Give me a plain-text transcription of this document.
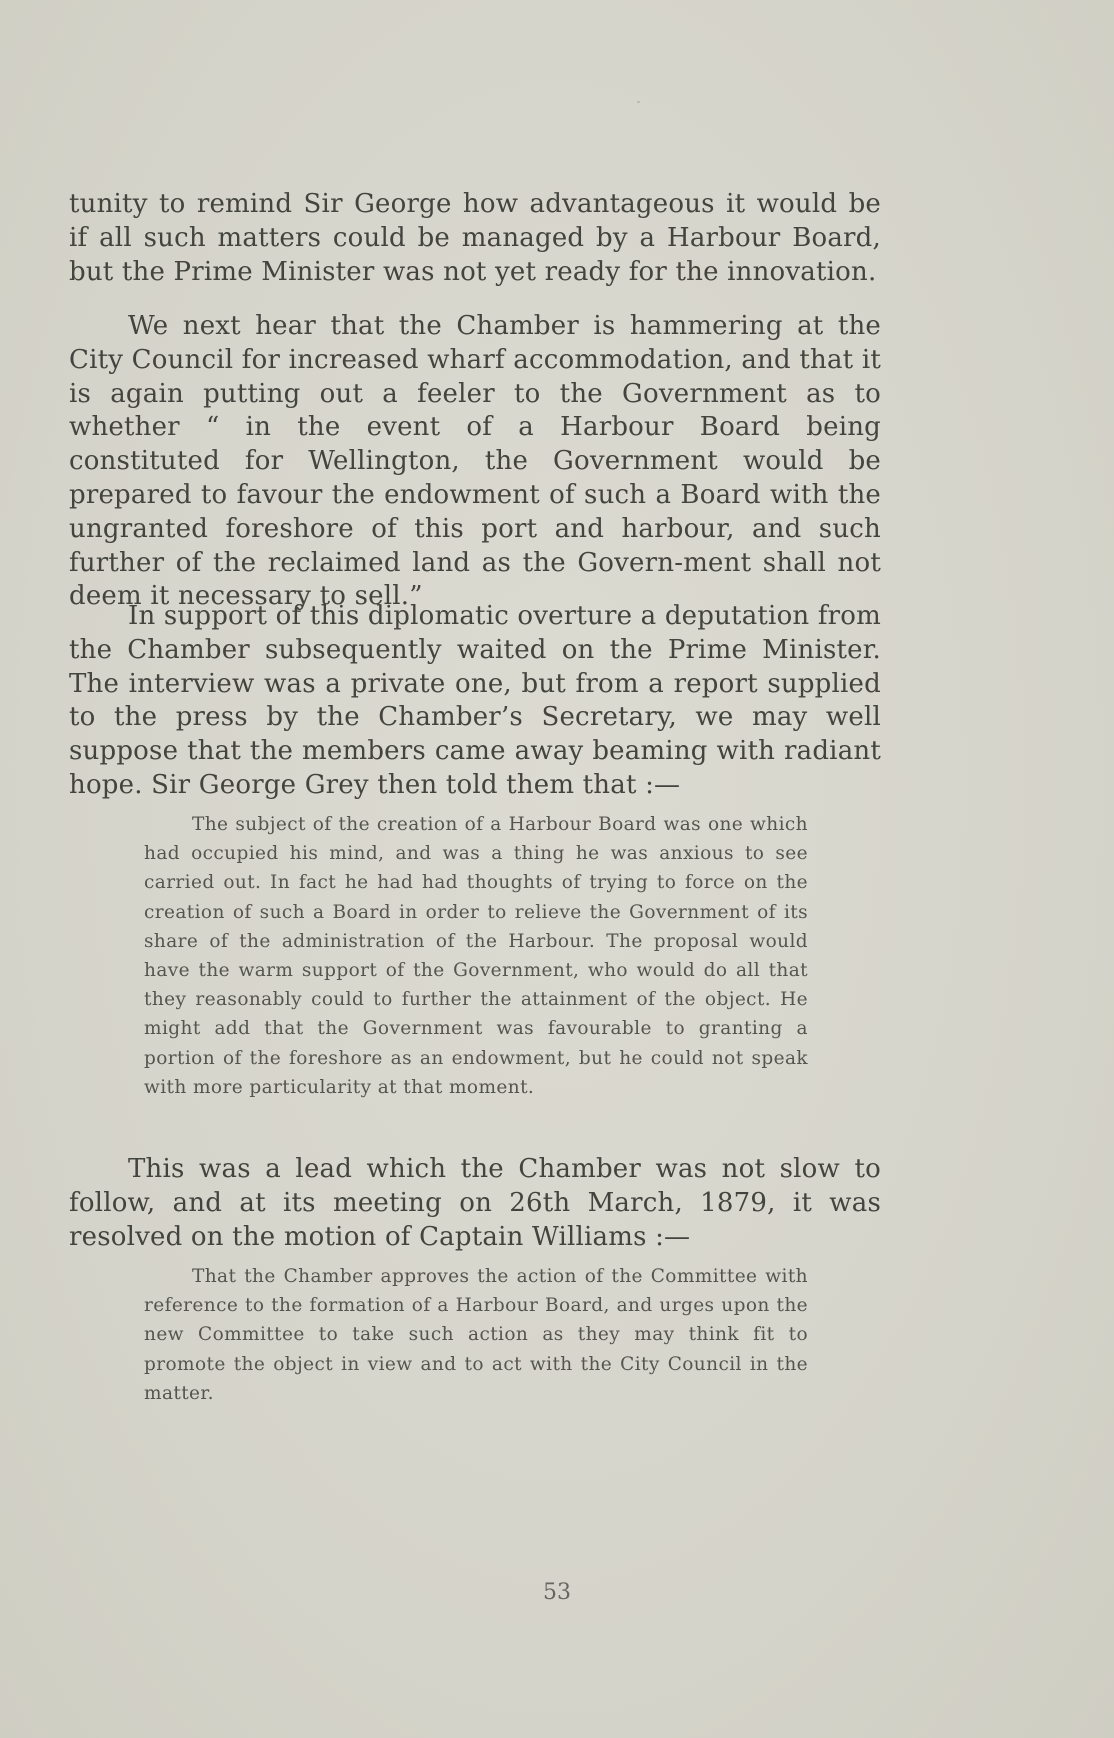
tunity to remind Sir George how advantageous it would be if all such matters could be managed by a Harbour Board, but the Prime Minister was not yet ready for the innovation.

We next hear that the Chamber is hammering at the City Council for increased wharf accommodation, and that it is again putting out a feeler to the Government as to whether “ in the event of a Harbour Board being constituted for Wellington, the Government would be prepared to favour the endowment of such a Board with the ungranted foreshore of this port and harbour, and such further of the reclaimed land as the Govern-ment shall not deem it necessary to sell.”

In support of this diplomatic overture a deputation from the Chamber subsequently waited on the Prime Minister. The interview was a private one, but from a report supplied to the press by the Chamber’s Secretary, we may well suppose that the members came away beaming with radiant hope. Sir George Grey then told them that :—

The subject of the creation of a Harbour Board was one which had occupied his mind, and was a thing he was anxious to see carried out. In fact he had had thoughts of trying to force on the creation of such a Board in order to relieve the Government of its share of the administration of the Harbour. The proposal would have the warm support of the Government, who would do all that they reasonably could to further the attainment of the object. He might add that the Government was favourable to granting a portion of the foreshore as an endowment, but he could not speak with more particularity at that moment.

This was a lead which the Chamber was not slow to follow, and at its meeting on 26th March, 1879, it was resolved on the motion of Captain Williams :—

That the Chamber approves the action of the Committee with reference to the formation of a Harbour Board, and urges upon the new Committee to take such action as they may think fit to promote the object in view and to act with the City Council in the matter.

53
